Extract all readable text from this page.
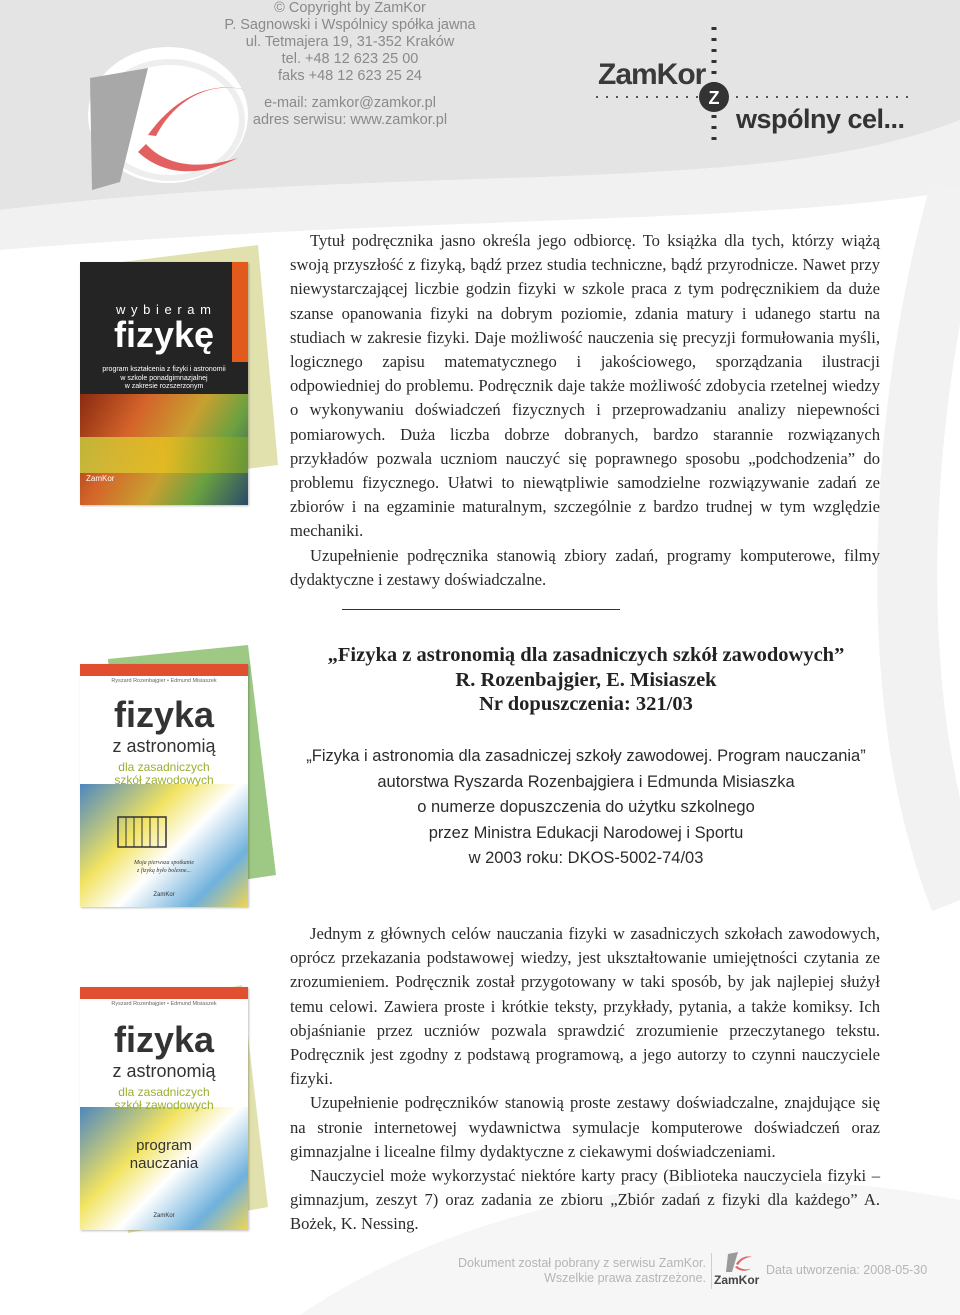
© Copyright by ZamKor
P. Sagnowski i Wspólnicy spółka jawna
ul. Tetmajera 19, 31-352 Kraków
tel. +48 12 623 25 00
faks +48 12 623 25 24
e-mail: zamkor@zamkor.pl
adres serwisu: www.zamkor.pl
Z
ZamKor
wspólny cel...
w y b i e r a m
fizykę
program kształcenia z fizyki i astronomii
w szkole ponadgimnazjalnej
w zakresie rozszerzonym
ZamKor

Tytuł podręcznika jasno określa jego odbiorcę. To książka dla tych, którzy wiążą swoją przyszłość z fizyką, bądź przez studia techniczne, bądź przyrodnicze. Nawet przy niewystarczającej liczbie godzin fizyki w szkole praca z tym podręcznikiem da duże szanse opanowania fizyki na dobrym poziomie, zdania matury i udanego startu na studiach w zakresie fizyki. Daje możliwość nauczenia się precyzji formułowania myśli, logicznego zapisu matematycznego i jakościowego, sporządzania ilustracji odpowiedniej do problemu. Podręcznik daje także możliwość zdobycia rzetelnej wiedzy o wykonywaniu doświadczeń fizycznych i przeprowadzaniu analizy niepewności pomiarowych. Duża liczba dobrze dobranych, bardzo starannie rozwiązanych przykładów pozwala uczniom nauczyć się poprawnego sposobu „podchodzenia” do problemu fizycznego. Ułatwi to niewątpliwie samodzielne rozwiązywanie zadań ze zbiorów i na egzaminie maturalnym, szczególnie z bardzo trudnej w tym względzie mechaniki.

Uzupełnienie podręcznika stanowią zbiory zadań, programy komputerowe, filmy dydaktyczne i zestawy doświadczalne.

Ryszard Rozenbajgier • Edmund Misiaszek
fizyka
z astronomią
dla zasadniczych
szkół zawodowych
Moja pierwsza spotkanie
z fizyką było bolesne...
ZamKor
„Fizyka z astronomią dla zasadniczych szkół zawodowych”
R. Rozenbajgier, E. Misiaszek
Nr dopuszczenia: 321/03
„Fizyka i astronomia dla zasadniczej szkoły zawodowej. Program nauczania”
autorstwa Ryszarda Rozenbajgiera i Edmunda Misiaszka
o numerze dopuszczenia do użytku szkolnego
przez Ministra Edukacji Narodowej i Sportu
w 2003 roku: DKOS-5002-74/03
Ryszard Rozenbajgier • Edmund Misiaszek
fizyka
z astronomią
dla zasadniczych
szkół zawodowych
program
nauczania
ZamKor

Jednym z głównych celów nauczania fizyki w zasadniczych szkołach zawodowych, oprócz przekazania podstawowej wiedzy, jest ukształtowanie umiejętności czytania ze zrozumieniem. Podręcznik został przygotowany w taki sposób, by jak najlepiej służył temu celowi. Zawiera proste i krótkie teksty, przykłady, pytania, a także komiksy. Ich objaśnianie przez uczniów pozwala sprawdzić zrozumienie przeczytanego tekstu. Podręcznik jest zgodny z podstawą programową, a jego autorzy to czynni nauczyciele fizyki.

Uzupełnienie podręczników stanowią proste zestawy doświadczalne, znajdujące się na stronie internetowej wydawnictwa symulacje komputerowe doświadczeń oraz gimnazjalne i licealne filmy dydaktyczne z ciekawymi doświadczeniami.

Nauczyciel może wykorzystać niektóre karty pracy (Biblioteka nauczyciela fizyki – gimnazjum, zeszyt 7) oraz zadania ze zbioru „Zbiór zadań z fizyki dla każdego” A. Bożek, K. Nessing.

Dokument został pobrany z serwisu ZamKor.
Wszelkie prawa zastrzeżone. ZamKor
Data utworzenia: 2008-05-30
